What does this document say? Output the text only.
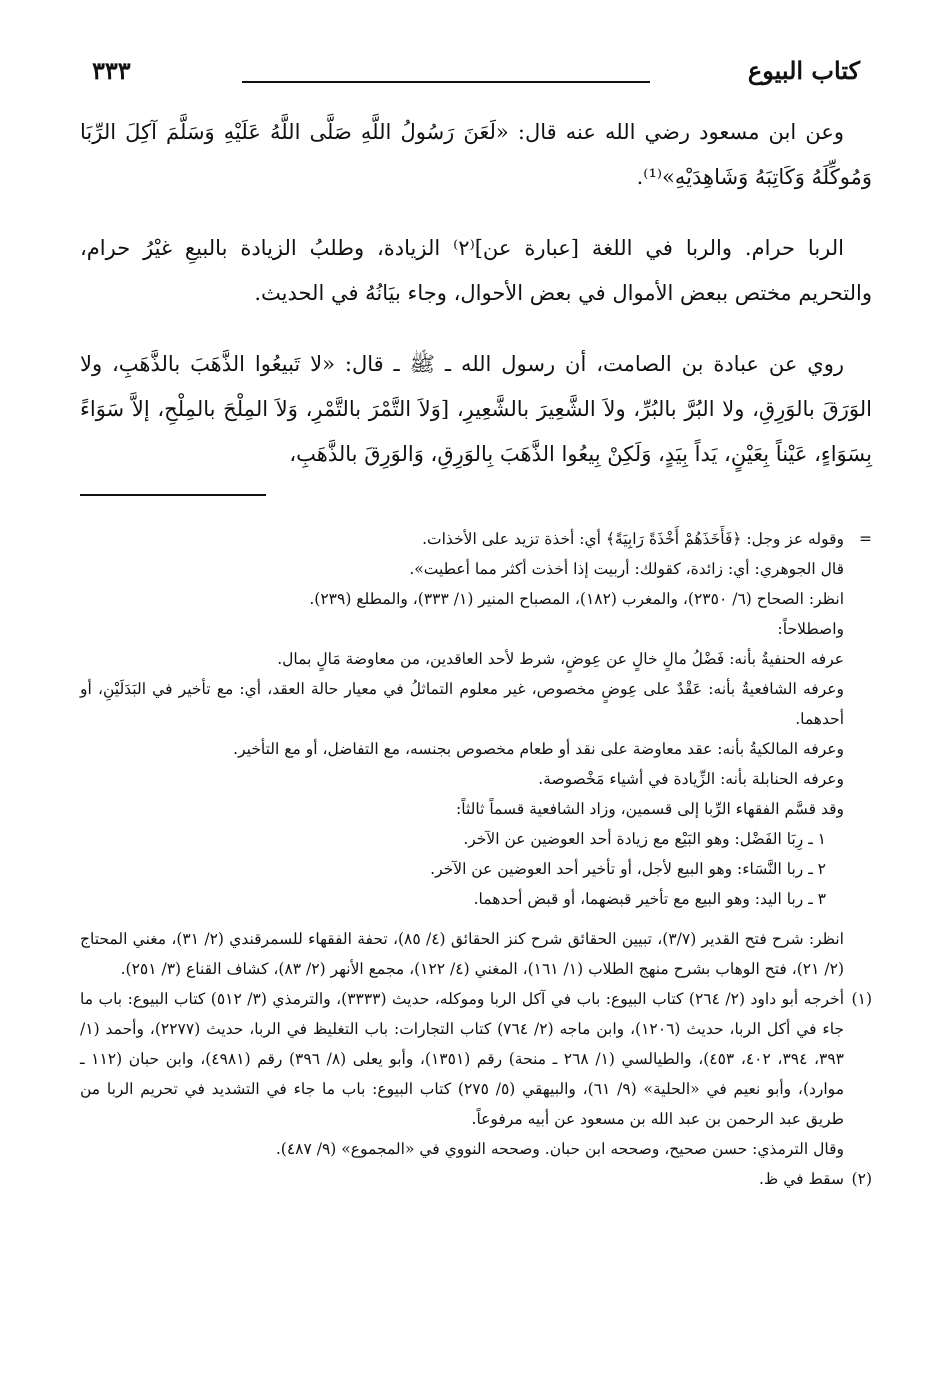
كتاب البيوع
٣٣٣

وعن ابن مسعود رضي الله عنه قال: «لَعَنَ رَسُولُ اللَّهِ صَلَّى اللَّهُ عَلَيْهِ وَسَلَّمَ آكِلَ الرِّبَا وَمُوكِّلَهُ وَكَاتِبَهُ وَشَاهِدَيْهِ»⁽¹⁾.

الربا حرام. والربا في اللغة [عبارة عن]⁽٢⁾ الزيادة، وطلبُ الزيادة بالبيعِ غيْرُ حرام، والتحريم مختص ببعض الأموال في بعض الأحوال، وجاء بيَانُهُ في الحديث.

روي عن عبادة بن الصامت، أن رسول الله ـ ﷺ ـ قال: «لا تَبيعُوا الذَّهَبَ بالذَّهَبِ، ولا الوَرَقَ بالوَرِقِ، ولا البُرَّ بالبُرِّ، ولاَ الشَّعِيرَ بالشَّعِيرِ، [وَلاَ التَّمْرَ بالتَّمْرِ، وَلاَ المِلْحَ بالمِلْحِ، إلاَّ سَوَاءً بِسَوَاءٍ، عَيْناً بِعَيْنٍ، يَداً بِيَدٍ، وَلَكِنْ بِيعُوا الذَّهَبَ بِالوَرِقِ، وَالوَرِقَ بالذَّهَبِ،

=
وقوله عز وجل: ﴿فَأَخَذَهُمْ أَخْذَةً رَابِيَةً﴾ أي: أخذة تزيد على الأخذات.

قال الجوهري: أي: زائدة، كقولك: أربيت إذا أخذت أكثر مما أعطيت».

انظر: الصحاح (٦/ ٢٣٥٠)، والمغرب (١٨٢)، المصباح المنير (١/ ٣٣٣)، والمطلع (٢٣٩).

واصطلاحاً:

عرفه الحنفيةُ بأنه: فَضْلُ مالٍ خالٍ عن عِوضٍ، شرط لأحد العاقدين، من معاوضة مَالٍ بمال.

وعرفه الشافعيةُ بأنه: عَقْدٌ على عِوضٍ مخصوص، غير معلوم التماثلُ في معيار حالة العقد، أي: مع تأخير في البَدَلَيْنِ، أو أحدهما.

وعرفه المالكيةُ بأنه: عقد معاوضة على نقد أو طعام مخصوص بجنسه، مع التفاضل، أو مع التأخير.

وعرفه الحنابلة بأنه: الزِّيادة في أشياء مَخْصوصة.

وقد قسَّم الفقهاء الرِّبا إلى قسمين، وزاد الشافعية قسماً ثالثاً:

١ ـ رِبَا الفَضْل: وهو البَيْع مع زيادة أحد العوضين عن الآخر.

٢ ـ ربا النَّسَاء: وهو البيع لأجل، أو تأخير أحد العوضين عن الآخر.

٣ ـ ربا اليد: وهو البيع مع تأخير قبضهما، أو قبض أحدهما.

انظر: شرح فتح القدير (٣/٧)، تبيين الحقائق شرح كنز الحقائق (٤/ ٨٥)، تحفة الفقهاء للسمرقندي (٢/ ٣١)، مغني المحتاج (٢/ ٢١)، فتح الوهاب بشرح منهج الطلاب (١/ ١٦١)، المغني (٤/ ١٢٢)، مجمع الأنهر (٢/ ٨٣)، كشاف القناع (٣/ ٢٥١).

(١)
أخرجه أبو داود (٢/ ٢٦٤) كتاب البيوع: باب في آكل الربا وموكله، حديث (٣٣٣٣)، والترمذي (٣/ ٥١٢) كتاب البيوع: باب ما جاء في أكل الربا، حديث (١٢٠٦)، وابن ماجه (٢/ ٧٦٤) كتاب التجارات: باب التغليظ في الربا، حديث (٢٢٧٧)، وأحمد (١/ ٣٩٣، ٣٩٤، ٤٠٢، ٤٥٣)، والطيالسي (١/ ٢٦٨ ـ منحة) رقم (١٣٥١)، وأبو يعلى (٨/ ٣٩٦) رقم (٤٩٨١)، وابن حبان (١١٢ ـ موارد)، وأبو نعيم في «الحلية» (٩/ ٦١)، والبيهقي (٥/ ٢٧٥) كتاب البيوع: باب ما جاء في التشديد في تحريم الربا من طريق عبد الرحمن بن عبد الله بن مسعود عن أبيه مرفوعاً.

وقال الترمذي: حسن صحيح، وصححه ابن حبان. وصححه النووي في «المجموع» (٩/ ٤٨٧).

(٢)
سقط في ظ.
